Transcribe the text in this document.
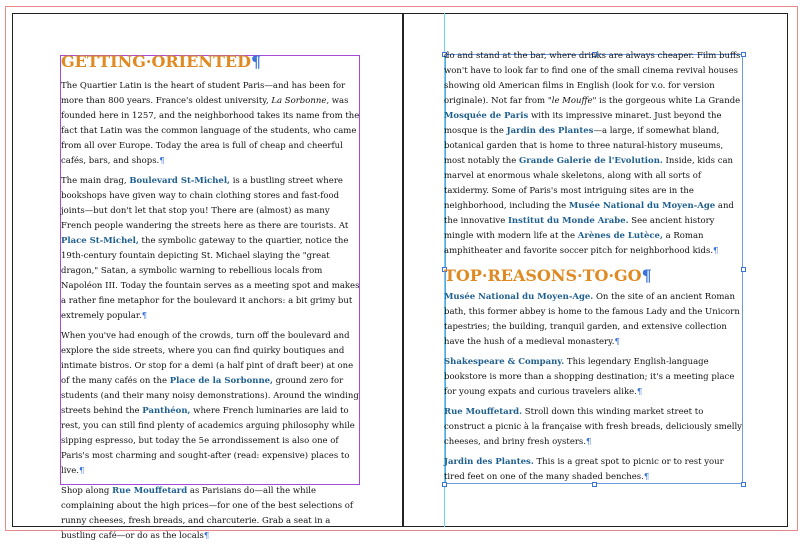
GETTING·ORIENTED¶

The Quartier Latin is the heart of student Paris—and has been for more than 800 years. France's oldest university, La Sorbonne, was founded here in 1257, and the neighborhood takes its name from the fact that Latin was the common language of the students, who came from all over Europe. Today the area is full of cheap and cheerful cafés, bars, and shops.¶

The main drag, Boulevard St-Michel, is a bustling street where bookshops have given way to chain clothing stores and fast-food joints—but don't let that stop you! There are (almost) as many French people wandering the streets here as there are tourists. At Place St-Michel, the symbolic gateway to the quartier, notice the 19th-century fountain depicting St. Michael slaying the "great dragon," Satan, a symbolic warning to rebellious locals from Napoléon III. Today the fountain serves as a meeting spot and makes a rather fine metaphor for the boulevard it anchors: a bit grimy but extremely popular.¶

When you've had enough of the crowds, turn off the boulevard and explore the side streets, where you can find quirky boutiques and intimate bistros. Or stop for a demi (a half pint of draft beer) at one of the many cafés on the Place de la Sorbonne, ground zero for students (and their many noisy demonstrations). Around the winding streets behind the Panthéon, where French luminaries are laid to rest, you can still find plenty of academics arguing philosophy while sipping espresso, but today the 5e arrondissement is also one of Paris's most charming and sought-after (read: expensive) places to live.¶

Shop along Rue Mouffetard as Parisians do—all the while complaining about the high prices—for one of the best selections of runny cheeses, fresh breads, and charcuterie. Grab a seat in a bustling café—or do as the locals¶

do and stand at the bar, where drinks are always cheaper. Film buffs won't have to look far to find one of the small cinema revival houses showing old American films in English (look for v.o. for version originale). Not far from "le Mouffe" is the gorgeous white La Grande Mosquée de Paris with its impressive minaret. Just beyond the mosque is the Jardin des Plantes—a large, if somewhat bland, botanical garden that is home to three natural-history museums, most notably the Grande Galerie de l'Evolution. Inside, kids can marvel at enormous whale skeletons, along with all sorts of taxidermy. Some of Paris's most intriguing sites are in the neighborhood, including the Musée National du Moyen-Age and the innovative Institut du Monde Arabe. See ancient history mingle with modern life at the Arènes de Lutèce, a Roman amphitheater and favorite soccer pitch for neighborhood kids.¶

TOP·REASONS·TO·GO¶

Musée National du Moyen-Age. On the site of an ancient Roman bath, this former abbey is home to the famous Lady and the Unicorn tapestries; the building, tranquil garden, and extensive collection have the hush of a medieval monastery.¶

Shakespeare & Company. This legendary English-language bookstore is more than a shopping destination; it's a meeting place for young expats and curious travelers alike.¶

Rue Mouffetard. Stroll down this winding market street to construct a picnic à la française with fresh breads, deliciously smelly cheeses, and briny fresh oysters.¶

Jardin des Plantes. This is a great spot to picnic or to rest your tired feet on one of the many shaded benches.¶
